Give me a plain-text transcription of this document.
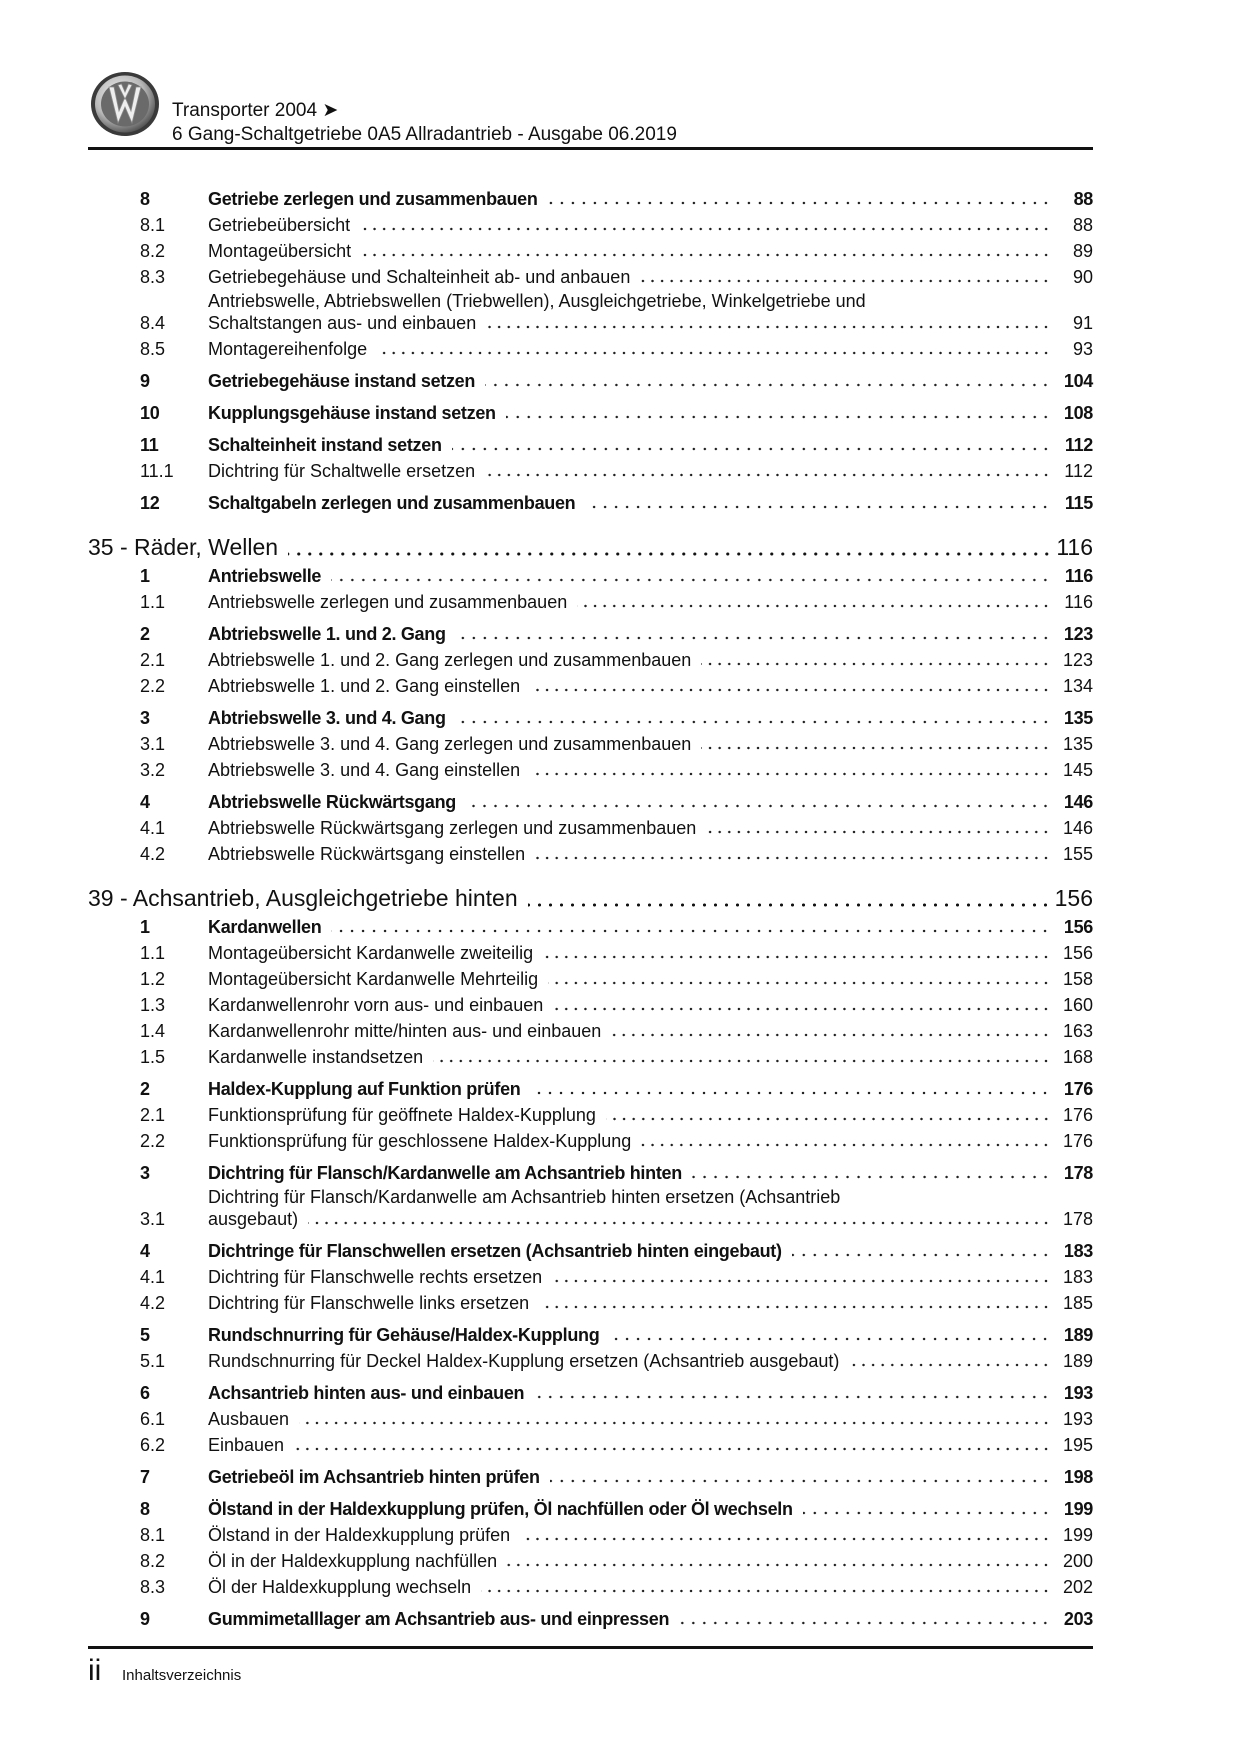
Transporter 2004 ➤
6 Gang-Schaltgetriebe 0A5 Allradantrieb - Ausgabe 06.2019
8	Getriebe zerlegen und zusammenbauen	88
8.1 Getriebeübersicht	88
8.2 Montageübersicht	89
8.3 Getriebegehäuse und Schalteinheit ab- und anbauen	90
8.4
Antriebswelle, Abtriebswellen (Triebwellen), Ausgleichgetriebe, Winkelgetriebe und
Schaltstangen aus- und einbauen	91
8.5 Montagereihenfolge	93
9	Getriebegehäuse instand setzen	104
10	Kupplungsgehäuse instand setzen	108
11	Schalteinheit instand setzen	112
11.1 Dichtring für Schaltwelle ersetzen	112
12	Schaltgabeln zerlegen und zusammenbauen	115
35 - Räder, Wellen	116
1	Antriebswelle	116
1.1 Antriebswelle zerlegen und zusammenbauen	116
2	Abtriebswelle 1. und 2. Gang	123
2.1 Abtriebswelle 1. und 2. Gang zerlegen und zusammenbauen	123
2.2 Abtriebswelle 1. und 2. Gang einstellen	134
3	Abtriebswelle 3. und 4. Gang	135
3.1 Abtriebswelle 3. und 4. Gang zerlegen und zusammenbauen	135
3.2 Abtriebswelle 3. und 4. Gang einstellen	145
4	Abtriebswelle Rückwärtsgang	146
4.1 Abtriebswelle Rückwärtsgang zerlegen und zusammenbauen	146
4.2 Abtriebswelle Rückwärtsgang einstellen	155
39 - Achsantrieb, Ausgleichgetriebe hinten	156
1	Kardanwellen	156
1.1 Montageübersicht Kardanwelle zweiteilig	156
1.2 Montageübersicht Kardanwelle Mehrteilig	158
1.3 Kardanwellenrohr vorn aus- und einbauen	160
1.4 Kardanwellenrohr mitte/hinten aus- und einbauen	163
1.5 Kardanwelle instandsetzen	168
2	Haldex-Kupplung auf Funktion prüfen	176
2.1 Funktionsprüfung für geöffnete Haldex-Kupplung	176
2.2 Funktionsprüfung für geschlossene Haldex-Kupplung	176
3	Dichtring für Flansch/Kardanwelle am Achsantrieb hinten	178
3.1
Dichtring für Flansch/Kardanwelle am Achsantrieb hinten ersetzen (Achsantrieb
ausgebaut)	178
4	Dichtringe für Flanschwellen ersetzen (Achsantrieb hinten eingebaut)	183
4.1 Dichtring für Flanschwelle rechts ersetzen	183
4.2 Dichtring für Flanschwelle links ersetzen	185
5	Rundschnurring für Gehäuse/Haldex-Kupplung	189
5.1 Rundschnurring für Deckel Haldex-Kupplung ersetzen (Achsantrieb ausgebaut)	189
6	Achsantrieb hinten aus- und einbauen	193
6.1 Ausbauen	193
6.2 Einbauen	195
7	Getriebeöl im Achsantrieb hinten prüfen	198
8	Ölstand in der Haldexkupplung prüfen, Öl nachfüllen oder Öl wechseln	199
8.1 Ölstand in der Haldexkupplung prüfen	199
8.2 Öl in der Haldexkupplung nachfüllen	200
8.3 Öl der Haldexkupplung wechseln	202
9	Gummimetalllager am Achsantrieb aus- und einpressen	203
ii Inhaltsverzeichnis
